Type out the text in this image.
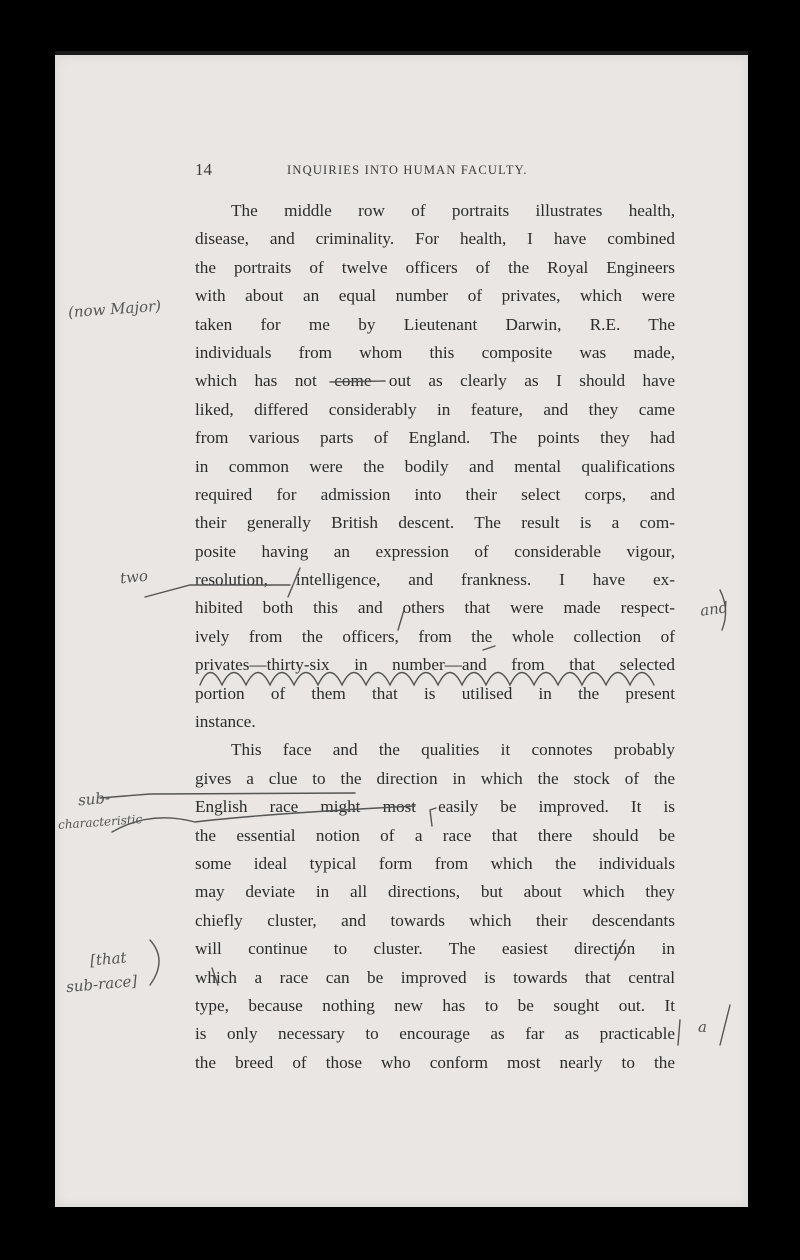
14	INQUIRIES INTO HUMAN FACULTY.
The middle row of portraits illustrates health,
disease, and criminality. For health, I have combined
the portraits of twelve officers of the Royal Engineers
with about an equal number of privates, which were
taken for me by Lieutenant Darwin, R.E. The
individuals from whom this composite was made,
which has not come out as clearly as I should have
liked, differed considerably in feature, and they came
from various parts of England. The points they had
in common were the bodily and mental qualifications
required for admission into their select corps, and
their generally British descent. The result is a com-
posite having an expression of considerable vigour,
resolution, intelligence, and frankness. I have ex-
hibited both this and others that were made respect-
ively from the officers, from the whole collection of
privates—thirty-six in number—and from that selected
portion of them that is utilised in the present
instance.
This face and the qualities it connotes probably
gives a clue to the direction in which the stock of the
English race might most easily be improved. It is
the essential notion of a race that there should be
some ideal typical form from which the individuals
may deviate in all directions, but about which they
chiefly cluster, and towards which their descendants
will continue to cluster. The easiest direction in
which a race can be improved is towards that central
type, because nothing new has to be sought out. It
is only necessary to encourage as far as practicable
the breed of those who conform most nearly to the
(now Major)
two
and
sub-
characteristic
[that
sub-race]
a
